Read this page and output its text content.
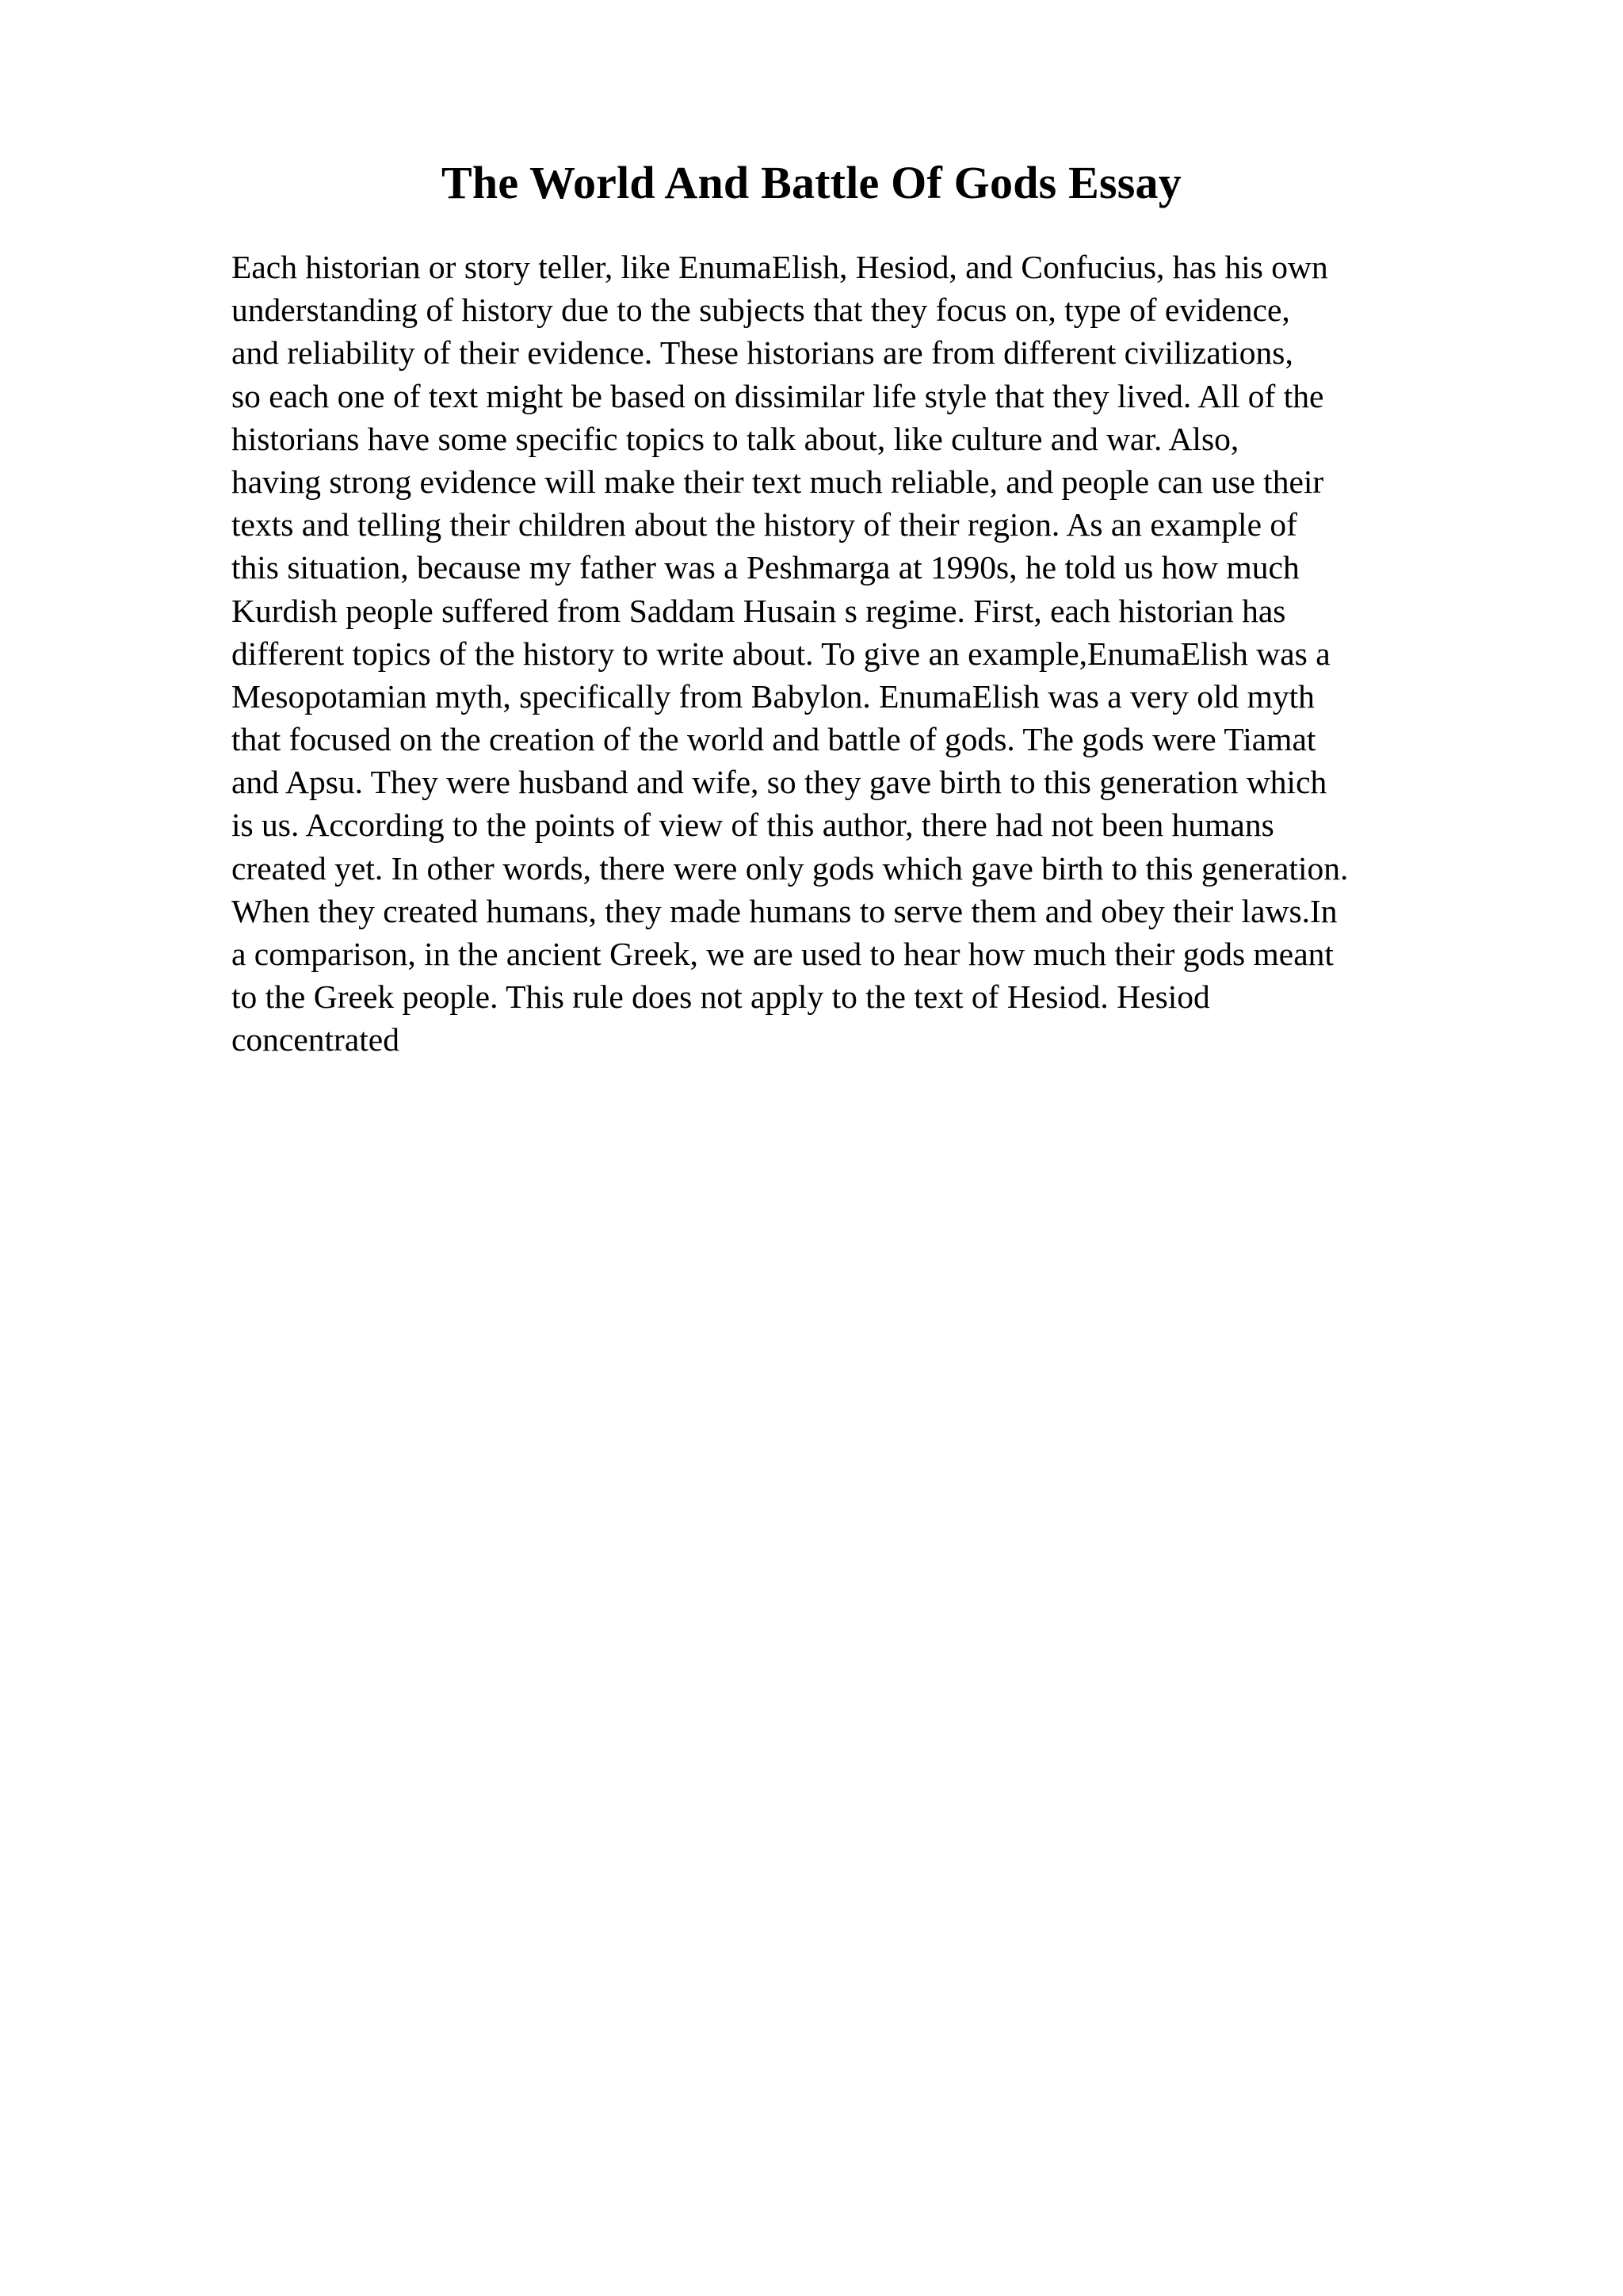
The World And Battle Of Gods Essay
Each historian or story teller, like EnumaElish, Hesiod, and Confucius, has his own
understanding of history due to the subjects that they focus on, type of evidence,
and reliability of their evidence. These historians are from different civilizations,
so each one of text might be based on dissimilar life style that they lived. All of the
historians have some specific topics to talk about, like culture and war. Also,
having strong evidence will make their text much reliable, and people can use their
texts and telling their children about the history of their region. As an example of
this situation, because my father was a Peshmarga at 1990s, he told us how much
Kurdish people suffered from Saddam Husain s regime. First, each historian has
different topics of the history to write about. To give an example,EnumaElish was a
Mesopotamian myth, specifically from Babylon. EnumaElish was a very old myth
that focused on the creation of the world and battle of gods. The gods were Tiamat
and Apsu. They were husband and wife, so they gave birth to this generation which
is us. According to the points of view of this author, there had not been humans
created yet. In other words, there were only gods which gave birth to this generation.
When they created humans, they made humans to serve them and obey their laws.In
a comparison, in the ancient Greek, we are used to hear how much their gods meant
to the Greek people. This rule does not apply to the text of Hesiod. Hesiod
concentrated
